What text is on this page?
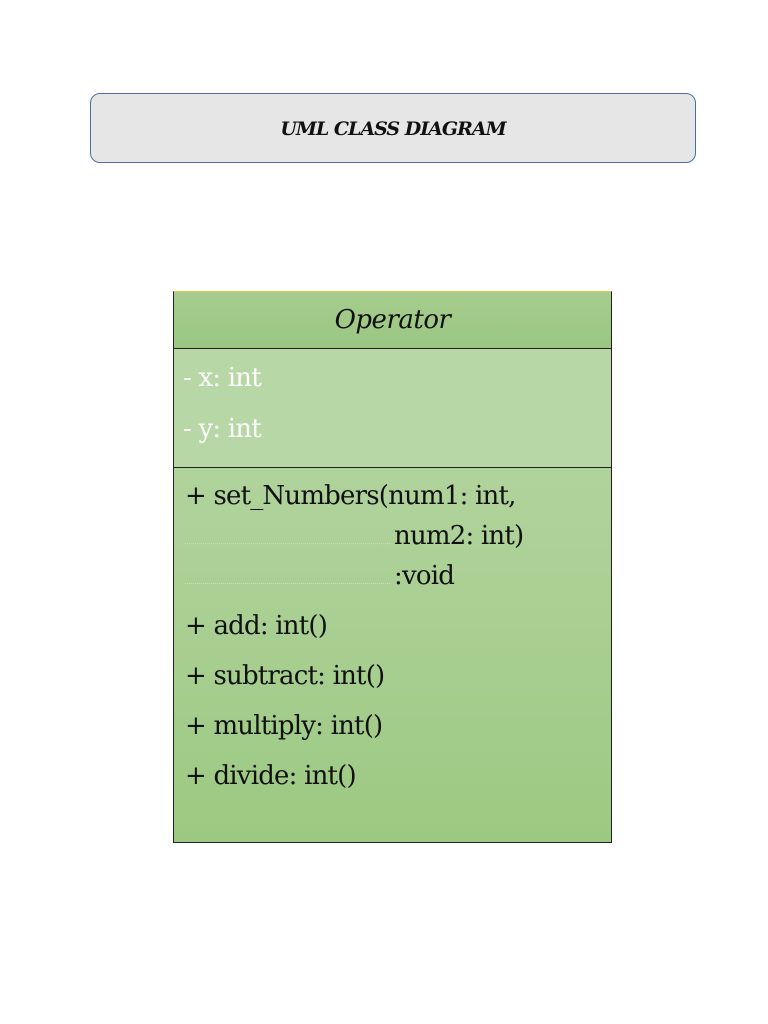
UML CLASS DIAGRAM
Operator
- x: int
- y: int
+ set_Numbers(num1: int,
num2: int)
:void
+ add: int()
+ subtract: int()
+ multiply: int()
+ divide: int()
